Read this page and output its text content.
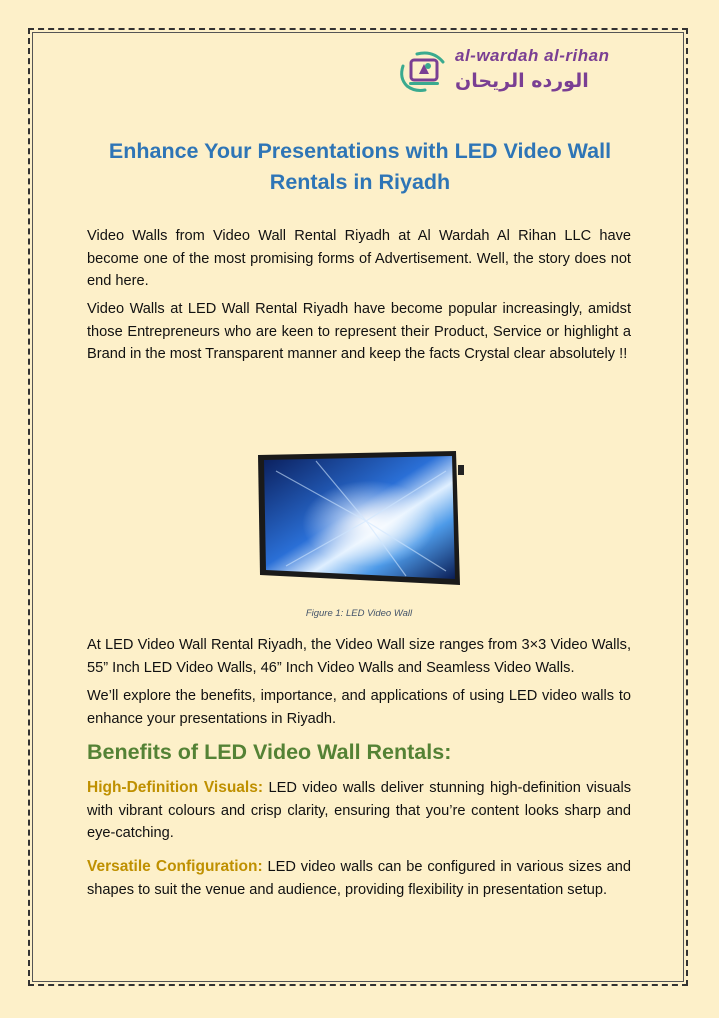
al-wardah al-rihan
الورده الريحان
Enhance Your Presentations with LED Video Wall
Rentals in Riyadh

Video Walls from Video Wall Rental Riyadh at Al Wardah Al Rihan LLC have become one of the most promising forms of Advertisement. Well, the story does not end here.

Video Walls at LED Wall Rental Riyadh have become popular increasingly, amidst those Entrepreneurs who are keen to represent their Product, Service or highlight a Brand in the most Transparent manner and keep the facts Crystal clear absolutely !!

Figure 1: LED Video Wall

At LED Video Wall Rental Riyadh, the Video Wall size ranges from 3×3 Video Walls, 55” Inch LED Video Walls, 46” Inch Video Walls and Seamless Video Walls.

We’ll explore the benefits, importance, and applications of using LED video walls to enhance your presentations in Riyadh.

Benefits of LED Video Wall Rentals:

High-Definition Visuals: LED video walls deliver stunning high-definition visuals with vibrant colours and crisp clarity, ensuring that you’re content looks sharp and eye-catching.

Versatile Configuration: LED video walls can be configured in various sizes and shapes to suit the venue and audience, providing flexibility in presentation setup.
